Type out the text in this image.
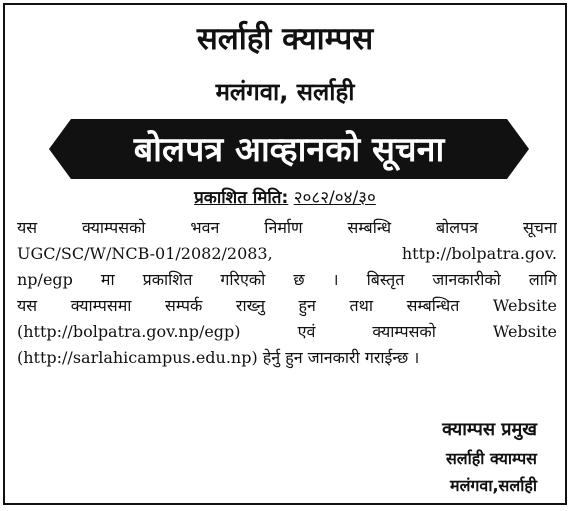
सर्लाही क्याम्पस
मलंगवा, सर्लाही
बोलपत्र आव्हानको सूचना
प्रकाशित मिति: २०८२/०४/३०
यस क्याम्पसको भवन निर्माण सम्बन्धि बोलपत्र सूचना
UGC/SC/W/NCB-01/2082/2083, http://bolpatra.gov.
np/egp मा प्रकाशित गरिएको छ । बिस्तृत जानकारीको लागि
यस क्याम्पसमा सम्पर्क राख्नु हुन तथा सम्बन्धित Website
(http://bolpatra.gov.np/egp) एवं क्याम्पसको Website
(http://sarlahicampus.edu.np) हेर्नु हुन जानकारी गराईन्छ ।
क्याम्पस प्रमुख
सर्लाही क्याम्पस
मलंगवा,सर्लाही
